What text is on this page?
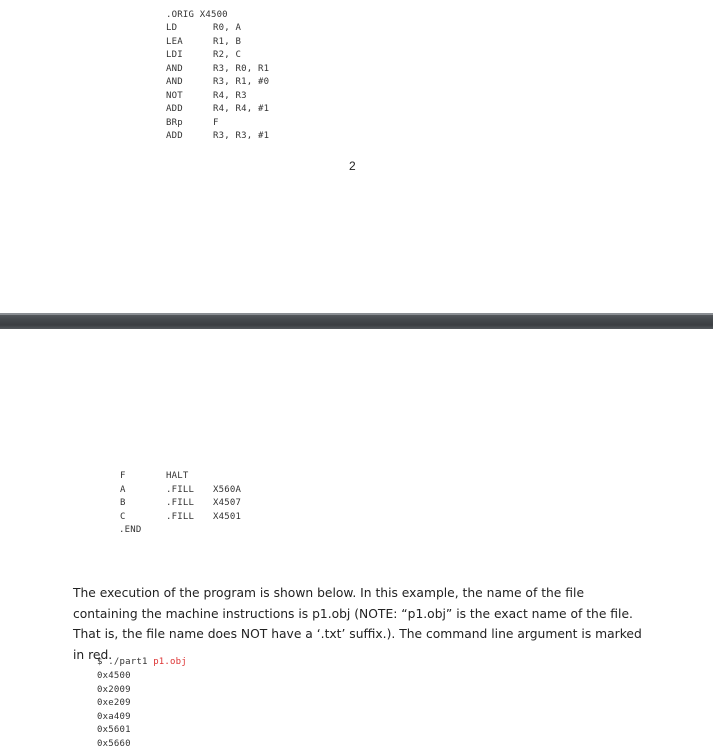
.ORIG X4500
LD	R0, A
LEA	R1, B
LDI	R2, C
AND	R3, R0, R1
AND	R3, R1, #0
NOT	R4, R3
ADD	R4, R4, #1
BRp	F
ADD	R3, R3, #1
2
F	HALT
A	.FILL X560A
B	.FILL X4507
C	.FILL X4501
.END
The execution of the program is shown below. In this example, the name of the file containing the machine instructions is p1.obj (NOTE: “p1.obj” is the exact name of the file. That is, the file name does NOT have a ‘.txt’ suffix.). The command line argument is marked in red.
$ ./part1 p1.obj
0x4500
0x2009
0xe209
0xa409
0x5601
0x5660
